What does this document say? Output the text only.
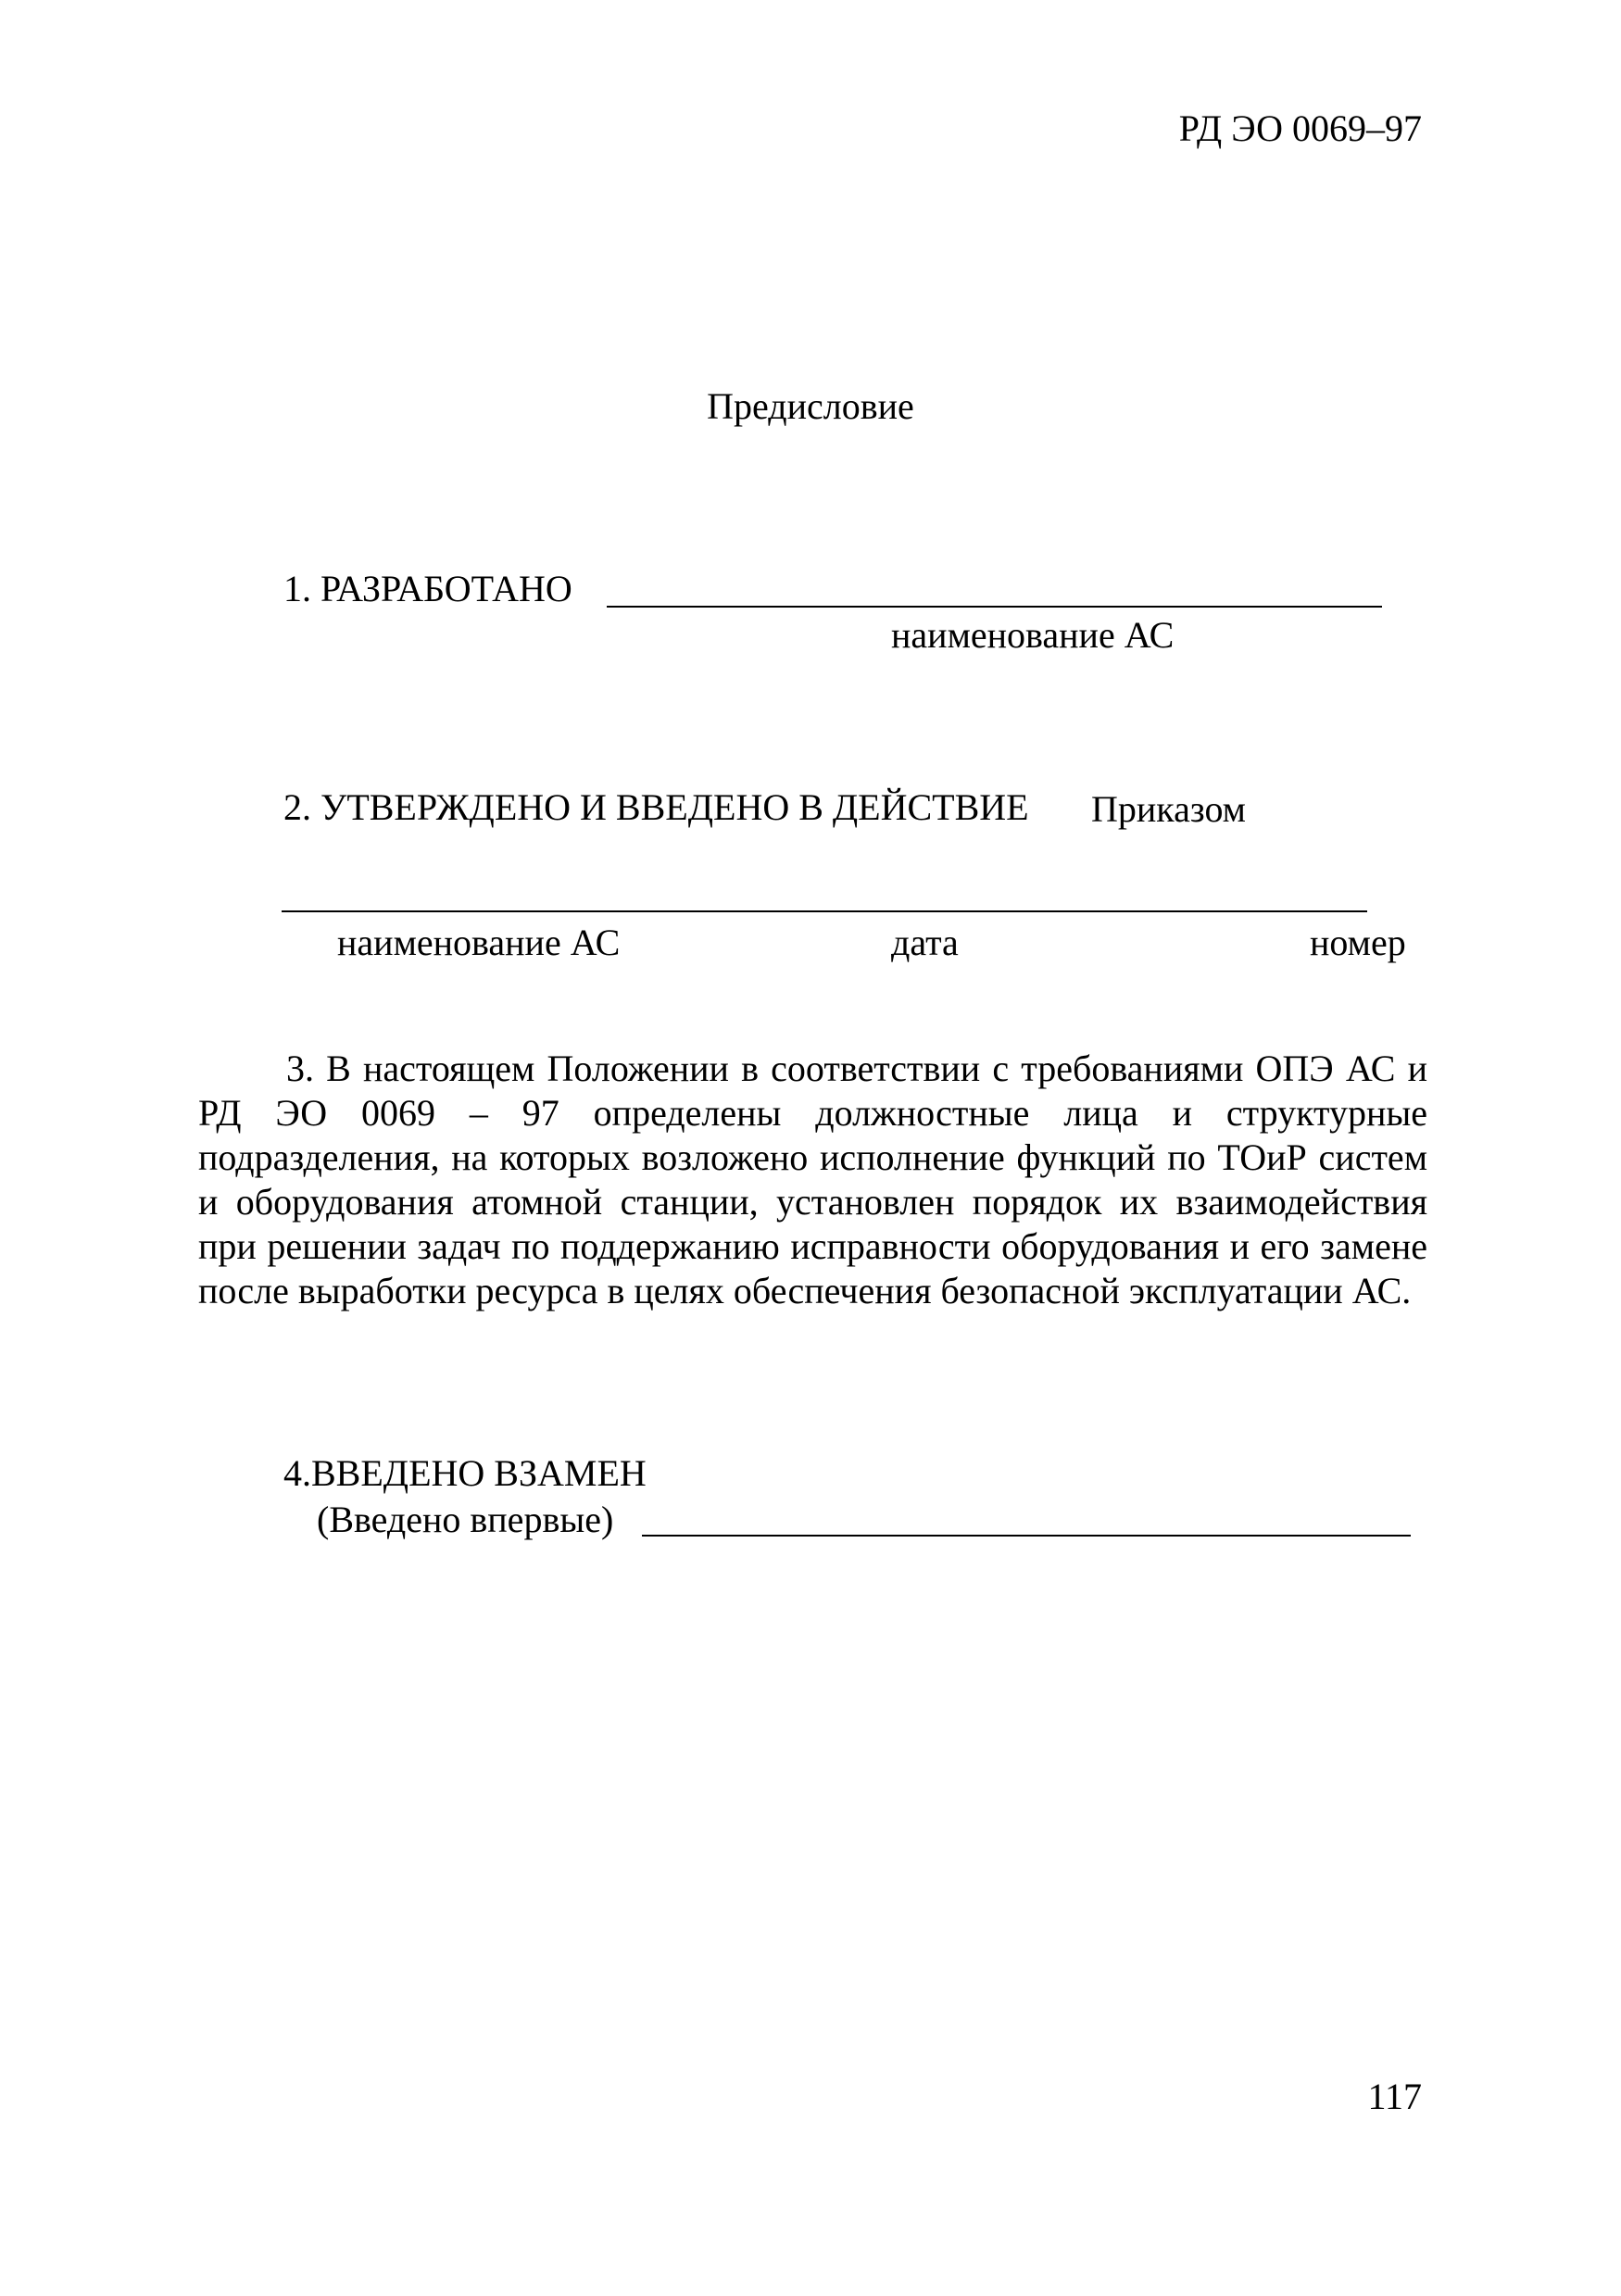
РД ЭО 0069–97
Предисловие
1. РАЗРАБОТАНО
наименование АС
2. УТВЕРЖДЕНО И ВВЕДЕНО В ДЕЙСТВИЕ Приказом
наименование АС	дата	номер

3. В настоящем Положении в соответствии с требованиями ОПЭ АС и РД ЭО 0069 – 97 определены должностные лица и структурные подразделения, на которых возложено исполнение функций по ТОиР систем и оборудования атомной станции, установлен порядок их взаимодействия при решении задач по поддержанию исправности оборудования и его замене после выработки ресурса в целях обеспечения безопасной эксплуатации АС.

4.ВВЕДЕНО ВЗАМЕН
(Введено впервые)
117
